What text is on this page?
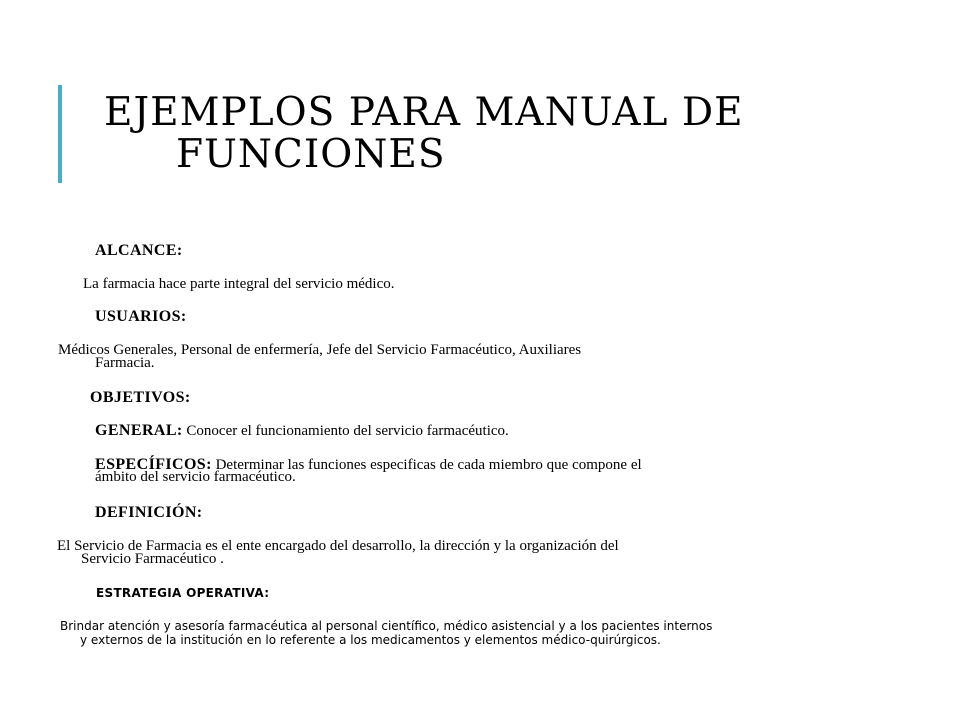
EJEMPLOS PARA MANUAL DE
FUNCIONES
ALCANCE:
La farmacia hace parte integral del servicio médico.
USUARIOS:
Médicos Generales, Personal de enfermería, Jefe del Servicio Farmacéutico, Auxiliares
Farmacia.
OBJETIVOS:
GENERAL: Conocer el funcionamiento del servicio farmacéutico.
ESPECÍFICOS: Determinar las funciones especificas de cada miembro que compone el
ámbito del servicio farmacéutico.
DEFINICIÓN:
El Servicio de Farmacia es el ente encargado del desarrollo, la dirección y la organización del
Servicio Farmacéutico .
ESTRATEGIA OPERATIVA:
Brindar atención y asesoría farmacéutica al personal científico, médico asistencial y a los pacientes internos
y externos de la institución en lo referente a los medicamentos y elementos médico-quirúrgicos.
